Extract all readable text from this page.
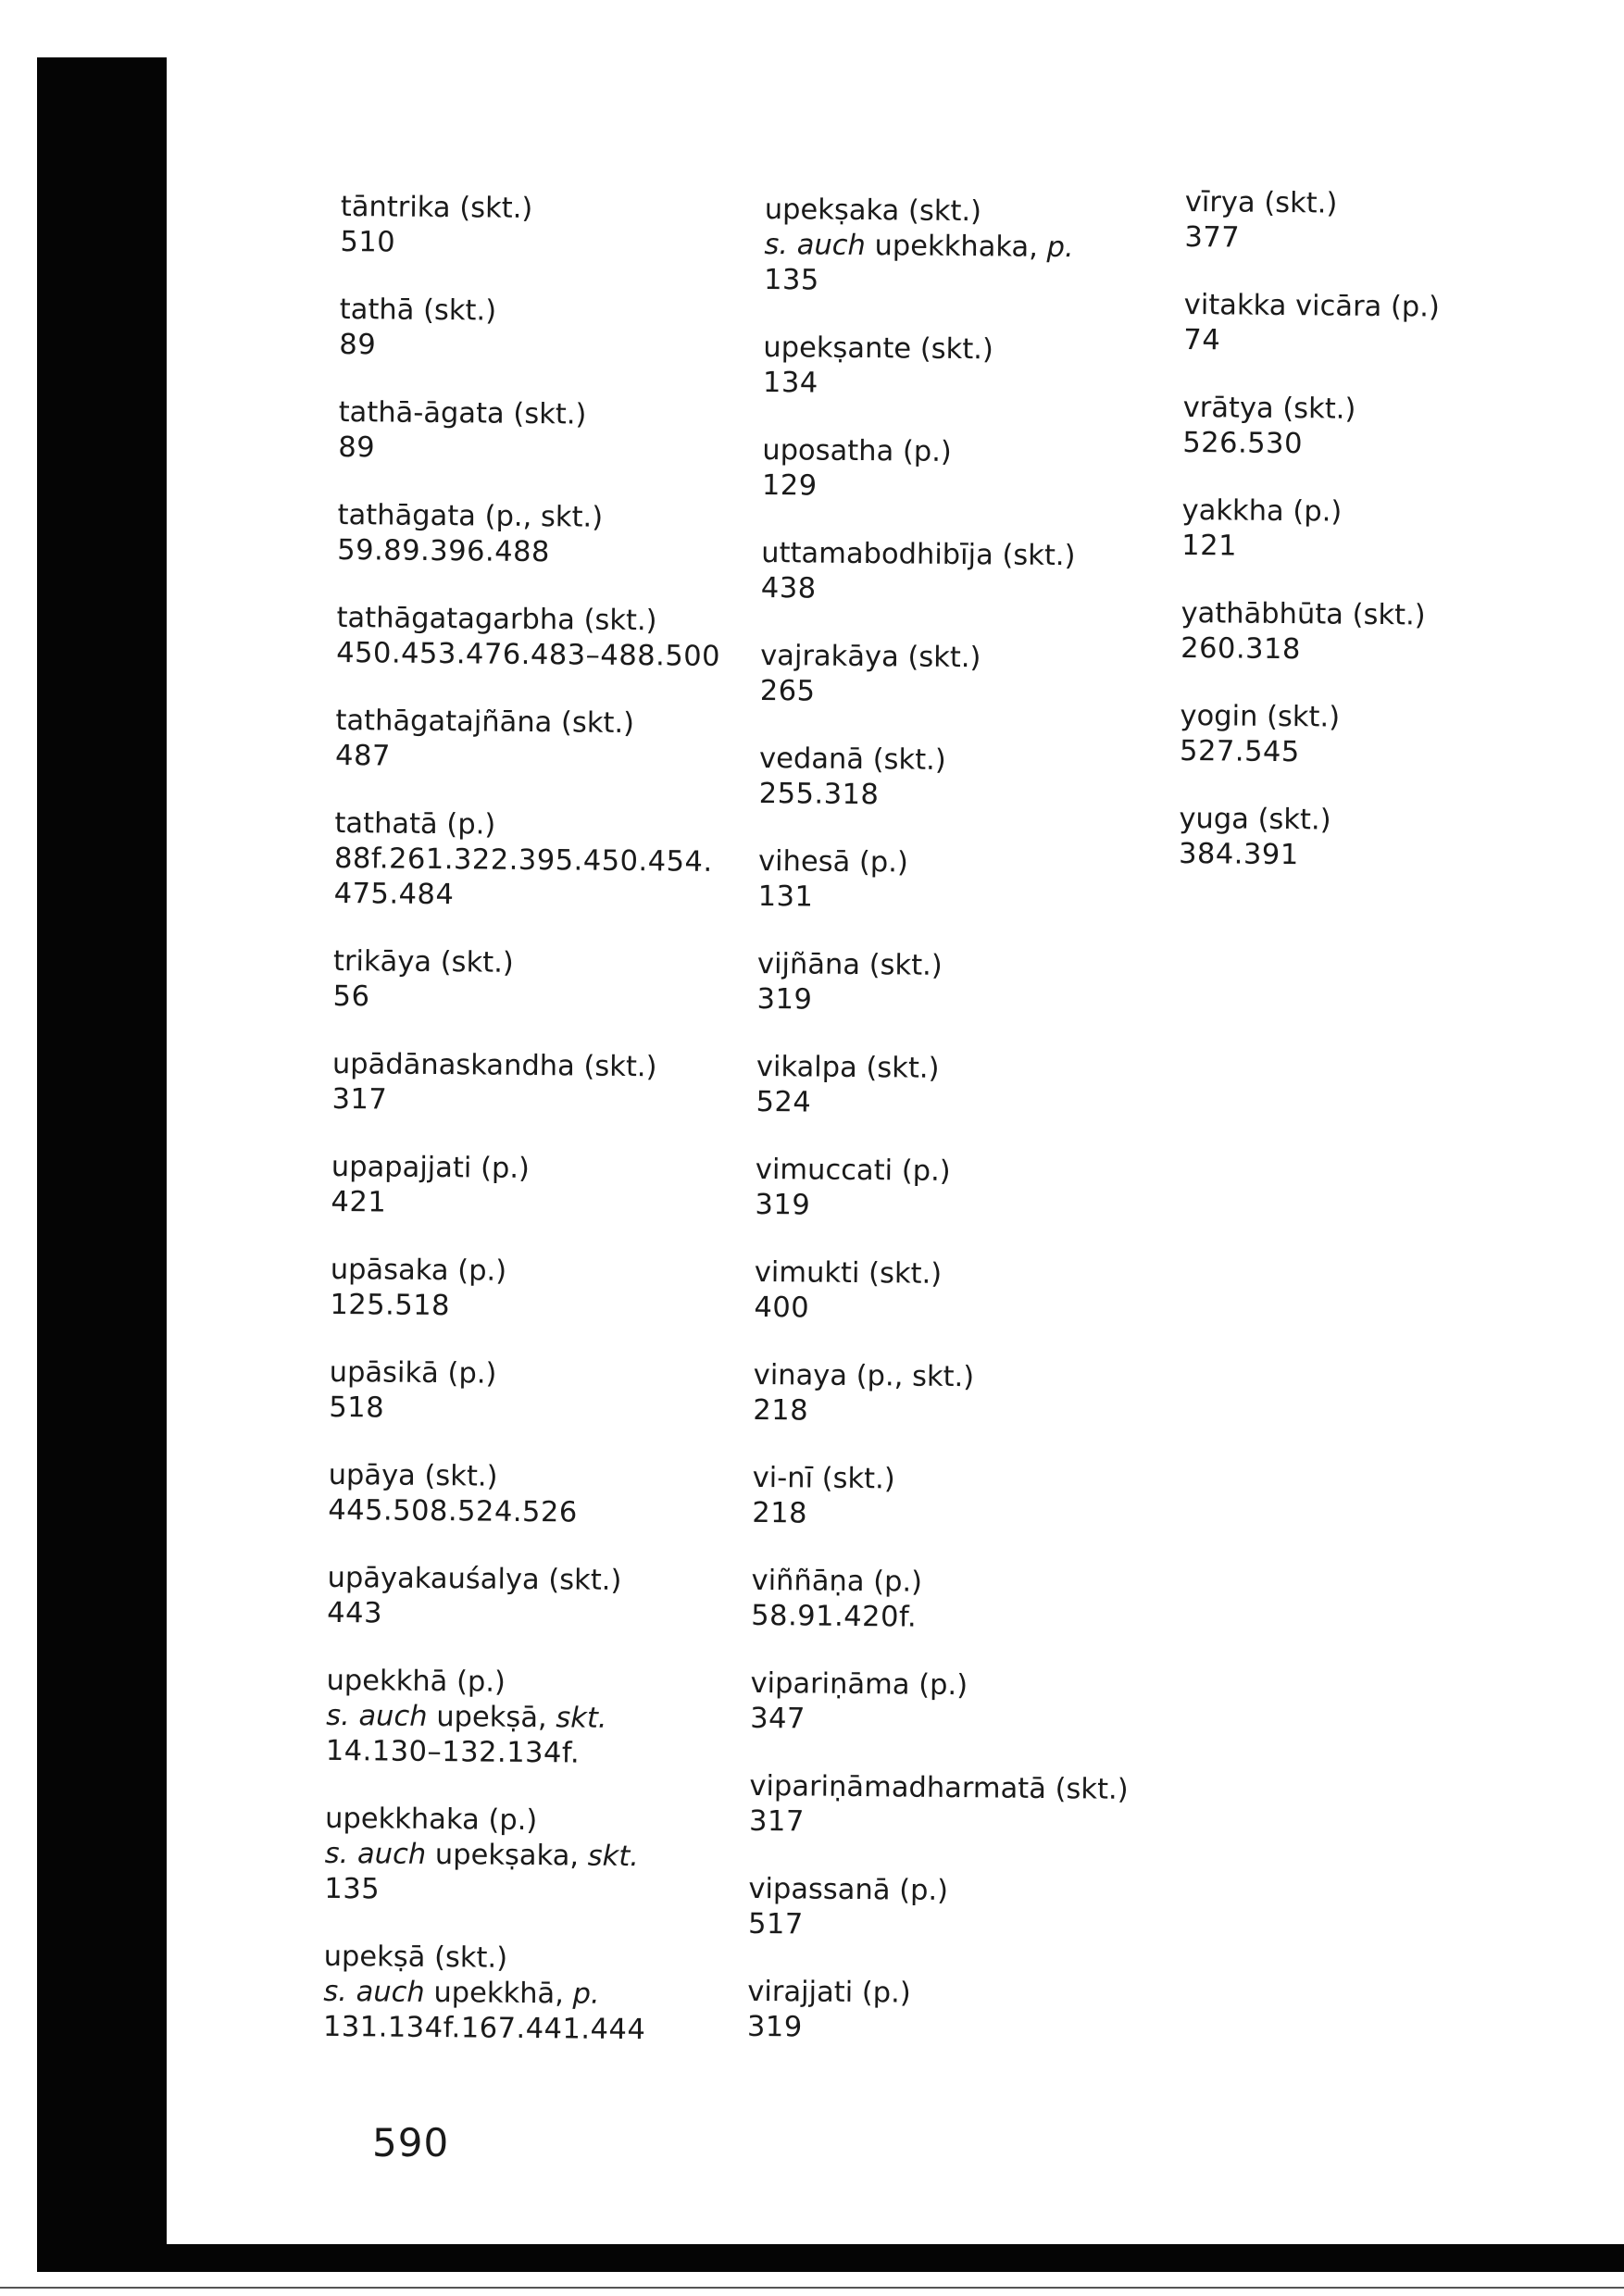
tāntrika (skt.)
510
tathā (skt.)
89
tathā-āgata (skt.)
89
tathāgata (p., skt.)
59.89.396.488
tathāgatagarbha (skt.)
450.453.476.483–488.500
tathāgatajñāna (skt.)
487
tathatā (p.)
88f.261.322.395.450.454.
475.484
trikāya (skt.)
56
upādānaskandha (skt.)
317
upapajjati (p.)
421
upāsaka (p.)
125.518
upāsikā (p.)
518
upāya (skt.)
445.508.524.526
upāyakauśalya (skt.)
443
upekkhā (p.)
s. auch upekṣā, skt.
14.130–132.134f.
upekkhaka (p.)
s. auch upekṣaka, skt.
135
upekṣā (skt.)
s. auch upekkhā, p.
131.134f.167.441.444
upekṣaka (skt.)
s. auch upekkhaka, p.
135
upekṣante (skt.)
134
uposatha (p.)
129
uttamabodhibīja (skt.)
438
vajrakāya (skt.)
265
vedanā (skt.)
255.318
vihesā (p.)
131
vijñāna (skt.)
319
vikalpa (skt.)
524
vimuccati (p.)
319
vimukti (skt.)
400
vinaya (p., skt.)
218
vi-nī (skt.)
218
viññāṇa (p.)
58.91.420f.
vipariṇāma (p.)
347
vipariṇāmadharmatā (skt.)
317
vipassanā (p.)
517
virajjati (p.)
319
vīrya (skt.)
377
vitakka vicāra (p.)
74
vrātya (skt.)
526.530
yakkha (p.)
121
yathābhūta (skt.)
260.318
yogin (skt.)
527.545
yuga (skt.)
384.391
590
